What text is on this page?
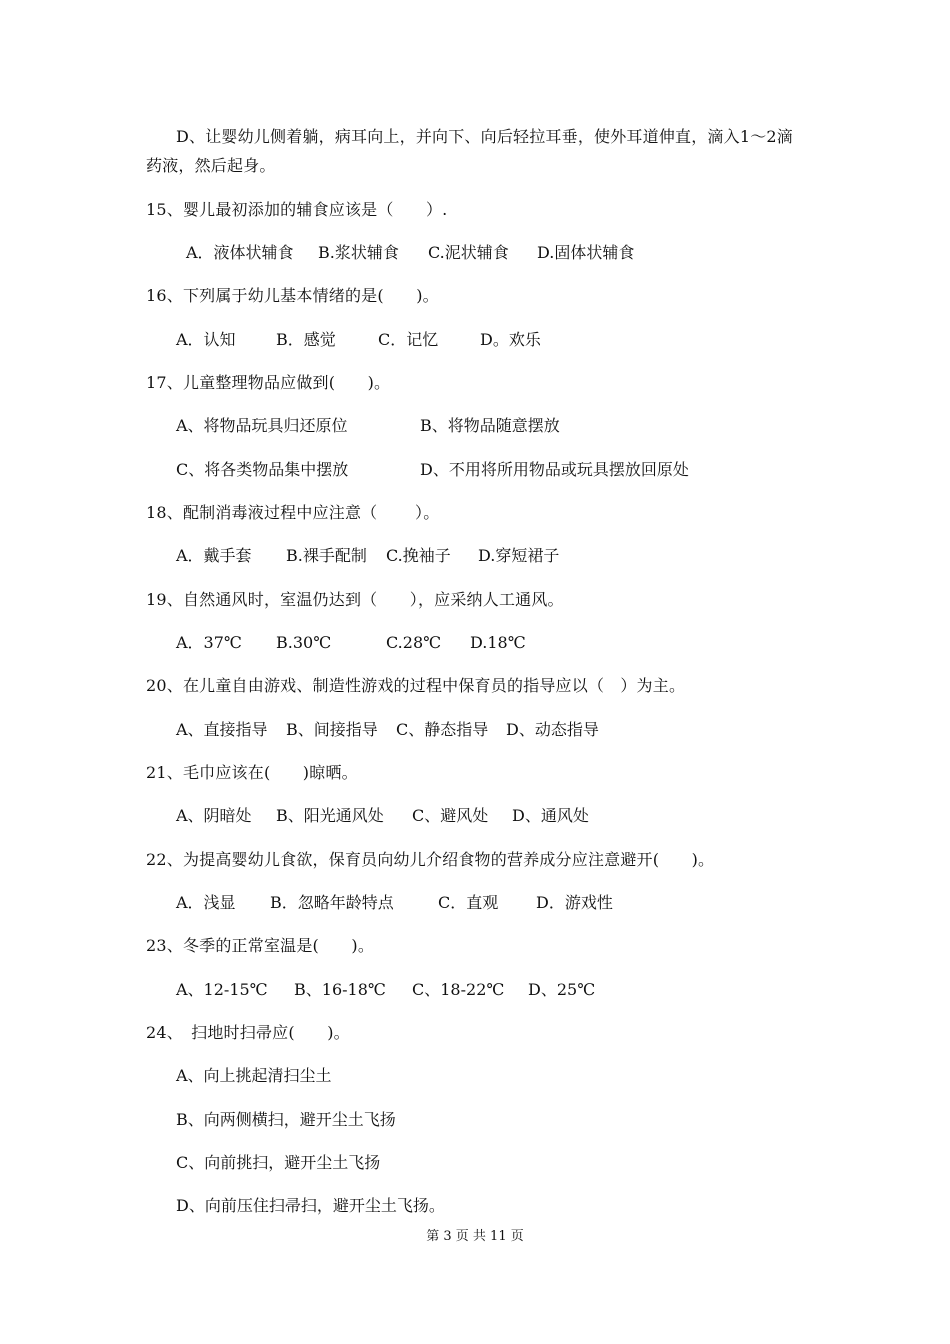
D、让婴幼儿侧着躺，病耳向上，并向下、向后轻拉耳垂，使外耳道伸直，滴入1～2滴
药液，然后起身。
15、婴儿最初添加的辅食应该是（　　）.
A．液体状辅食 B.浆状辅食 C.泥状辅食 D.固体状辅食
16、下列属于幼儿基本情绪的是(　　)。
A．认知	B．感觉	C．记忆	D。欢乐
17、儿童整理物品应做到(　　)。
A、将物品玩具归还原位	B、将物品随意摆放
C、将各类物品集中摆放	D、不用将所用物品或玩具摆放回原处
18、配制消毒液过程中应注意（　　 ）。
A．戴手套 B.裸手配制 C.挽袖子 D.穿短裙子
19、自然通风时，室温仍达到（　　），应采纳人工通风。
A．37℃ B.30℃	C.28℃ D.18℃
20、在儿童自由游戏、制造性游戏的过程中保育员的指导应以（　）为主。
A、直接指导 B、间接指导 C、静态指导 D、动态指导
21、毛巾应该在(　　)晾晒。
A、阴暗处 B、阳光通风处 C、避风处 D、通风处
22、为提高婴幼儿食欲，保育员向幼儿介绍食物的营养成分应注意避开(　　)。
A．浅显 B．忽略年龄特点	C．直观 D．游戏性
23、冬季的正常室温是(　　)。
A、12-15℃ B、16-18℃ C、18-22℃ D、25℃
24、　扫地时扫帚应(　　)。
A、向上挑起清扫尘土
B、向两侧横扫，避开尘土飞扬
C、向前挑扫，避开尘土飞扬
D、向前压住扫帚扫，避开尘土飞扬。
第 3 页 共 11 页
